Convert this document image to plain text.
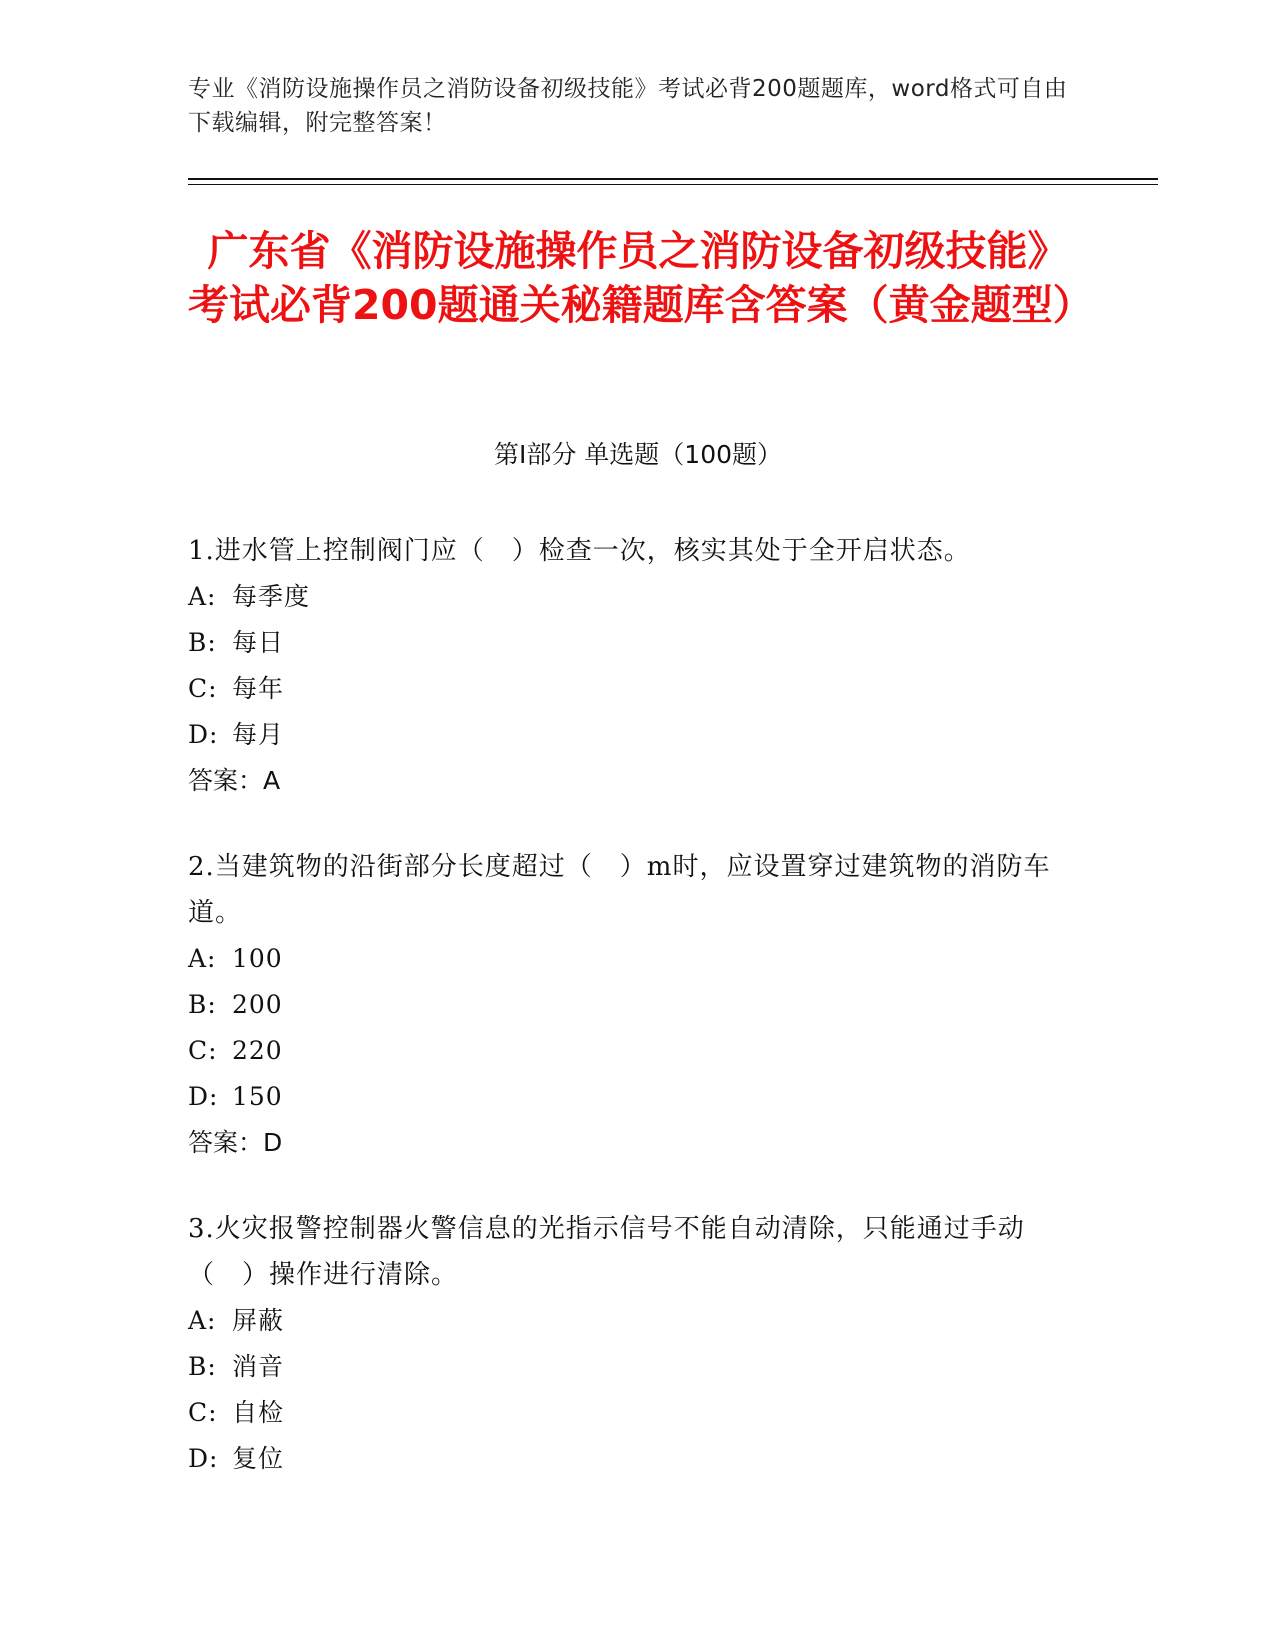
专业《消防设施操作员之消防设备初级技能》考试必背200题题库，word格式可自由下载编辑，附完整答案！
广东省《消防设施操作员之消防设备初级技能》考试必背200题通关秘籍题库含答案（黄金题型）
第I部分 单选题（100题）

1.进水管上控制阀门应（　）检查一次，核实其处于全开启状态。

A: 每季度

B: 每日

C: 每年

D: 每月

答案：A

2.当建筑物的沿街部分长度超过（　）m时，应设置穿过建筑物的消防车道。

A: 100

B: 200

C: 220

D: 150

答案：D

3.火灾报警控制器火警信息的光指示信号不能自动清除，只能通过手动（　）操作进行清除。

A: 屏蔽

B: 消音

C: 自检

D: 复位
